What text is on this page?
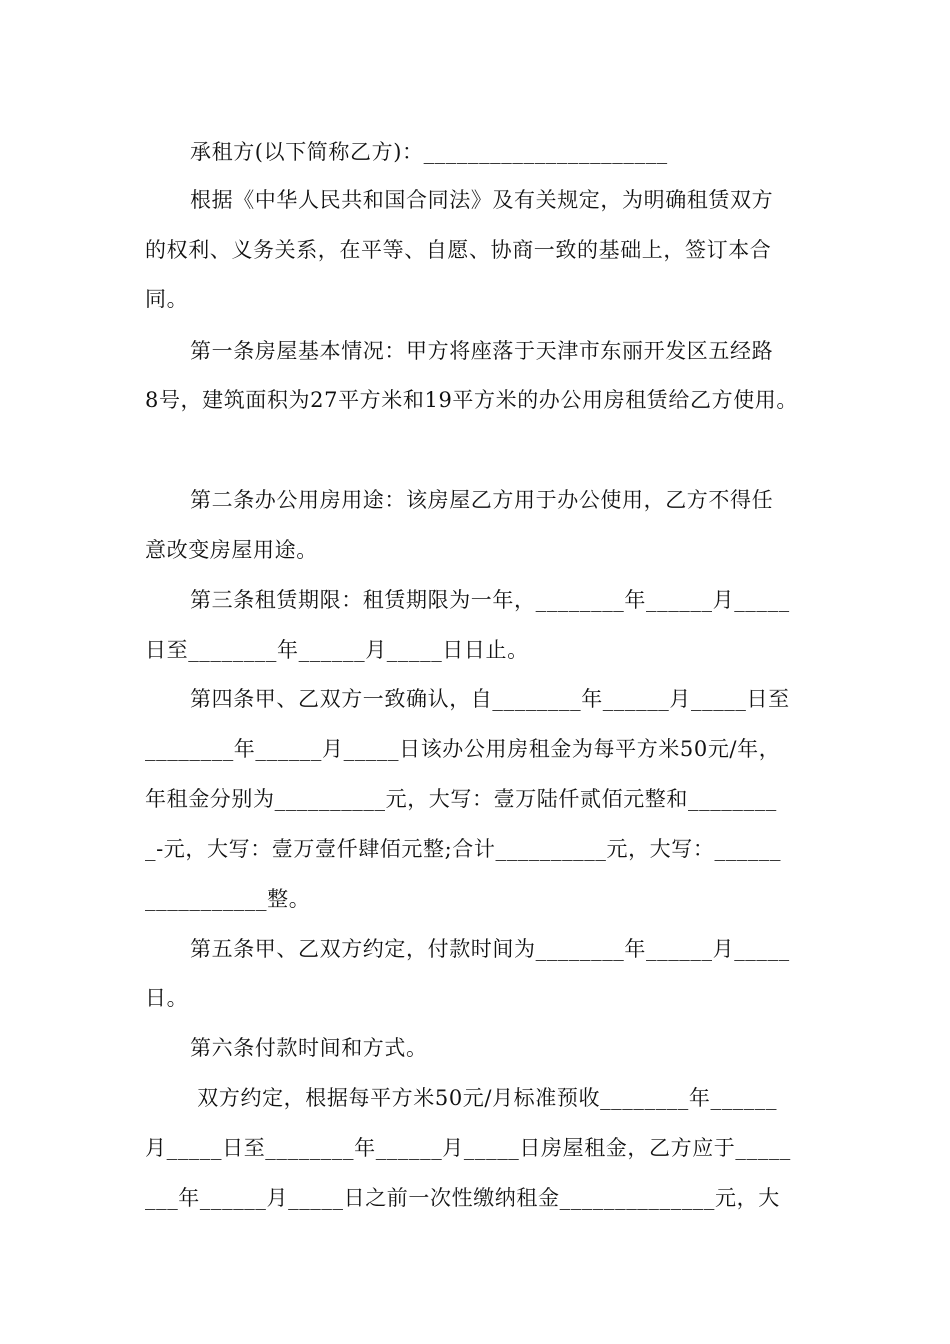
承租方(以下简称乙方)：______________________
根据《中华人民共和国合同法》及有关规定，为明确租赁双方
的权利、义务关系，在平等、自愿、协商一致的基础上，签订本合
同。
第一条房屋基本情况：甲方将座落于天津市东丽开发区五经路
8号，建筑面积为27平方米和19平方米的办公用房租赁给乙方使用。
第二条办公用房用途：该房屋乙方用于办公使用，乙方不得任
意改变房屋用途。
第三条租赁期限：租赁期限为一年，________年______月_____
日至________年______月_____日日止。
第四条甲、乙双方一致确认，自________年______月_____日至
________年______月_____日该办公用房租金为每平方米50元/年，
年租金分别为__________元，大写：壹万陆仟贰佰元整和________
_-元，大写：壹万壹仟肆佰元整;合计__________元，大写：______
___________整。
第五条甲、乙双方约定，付款时间为________年______月_____
日。
第六条付款时间和方式。
双方约定，根据每平方米50元/月标准预收________年______
月_____日至________年______月_____日房屋租金，乙方应于_____
___年______月_____日之前一次性缴纳租金______________元，大
